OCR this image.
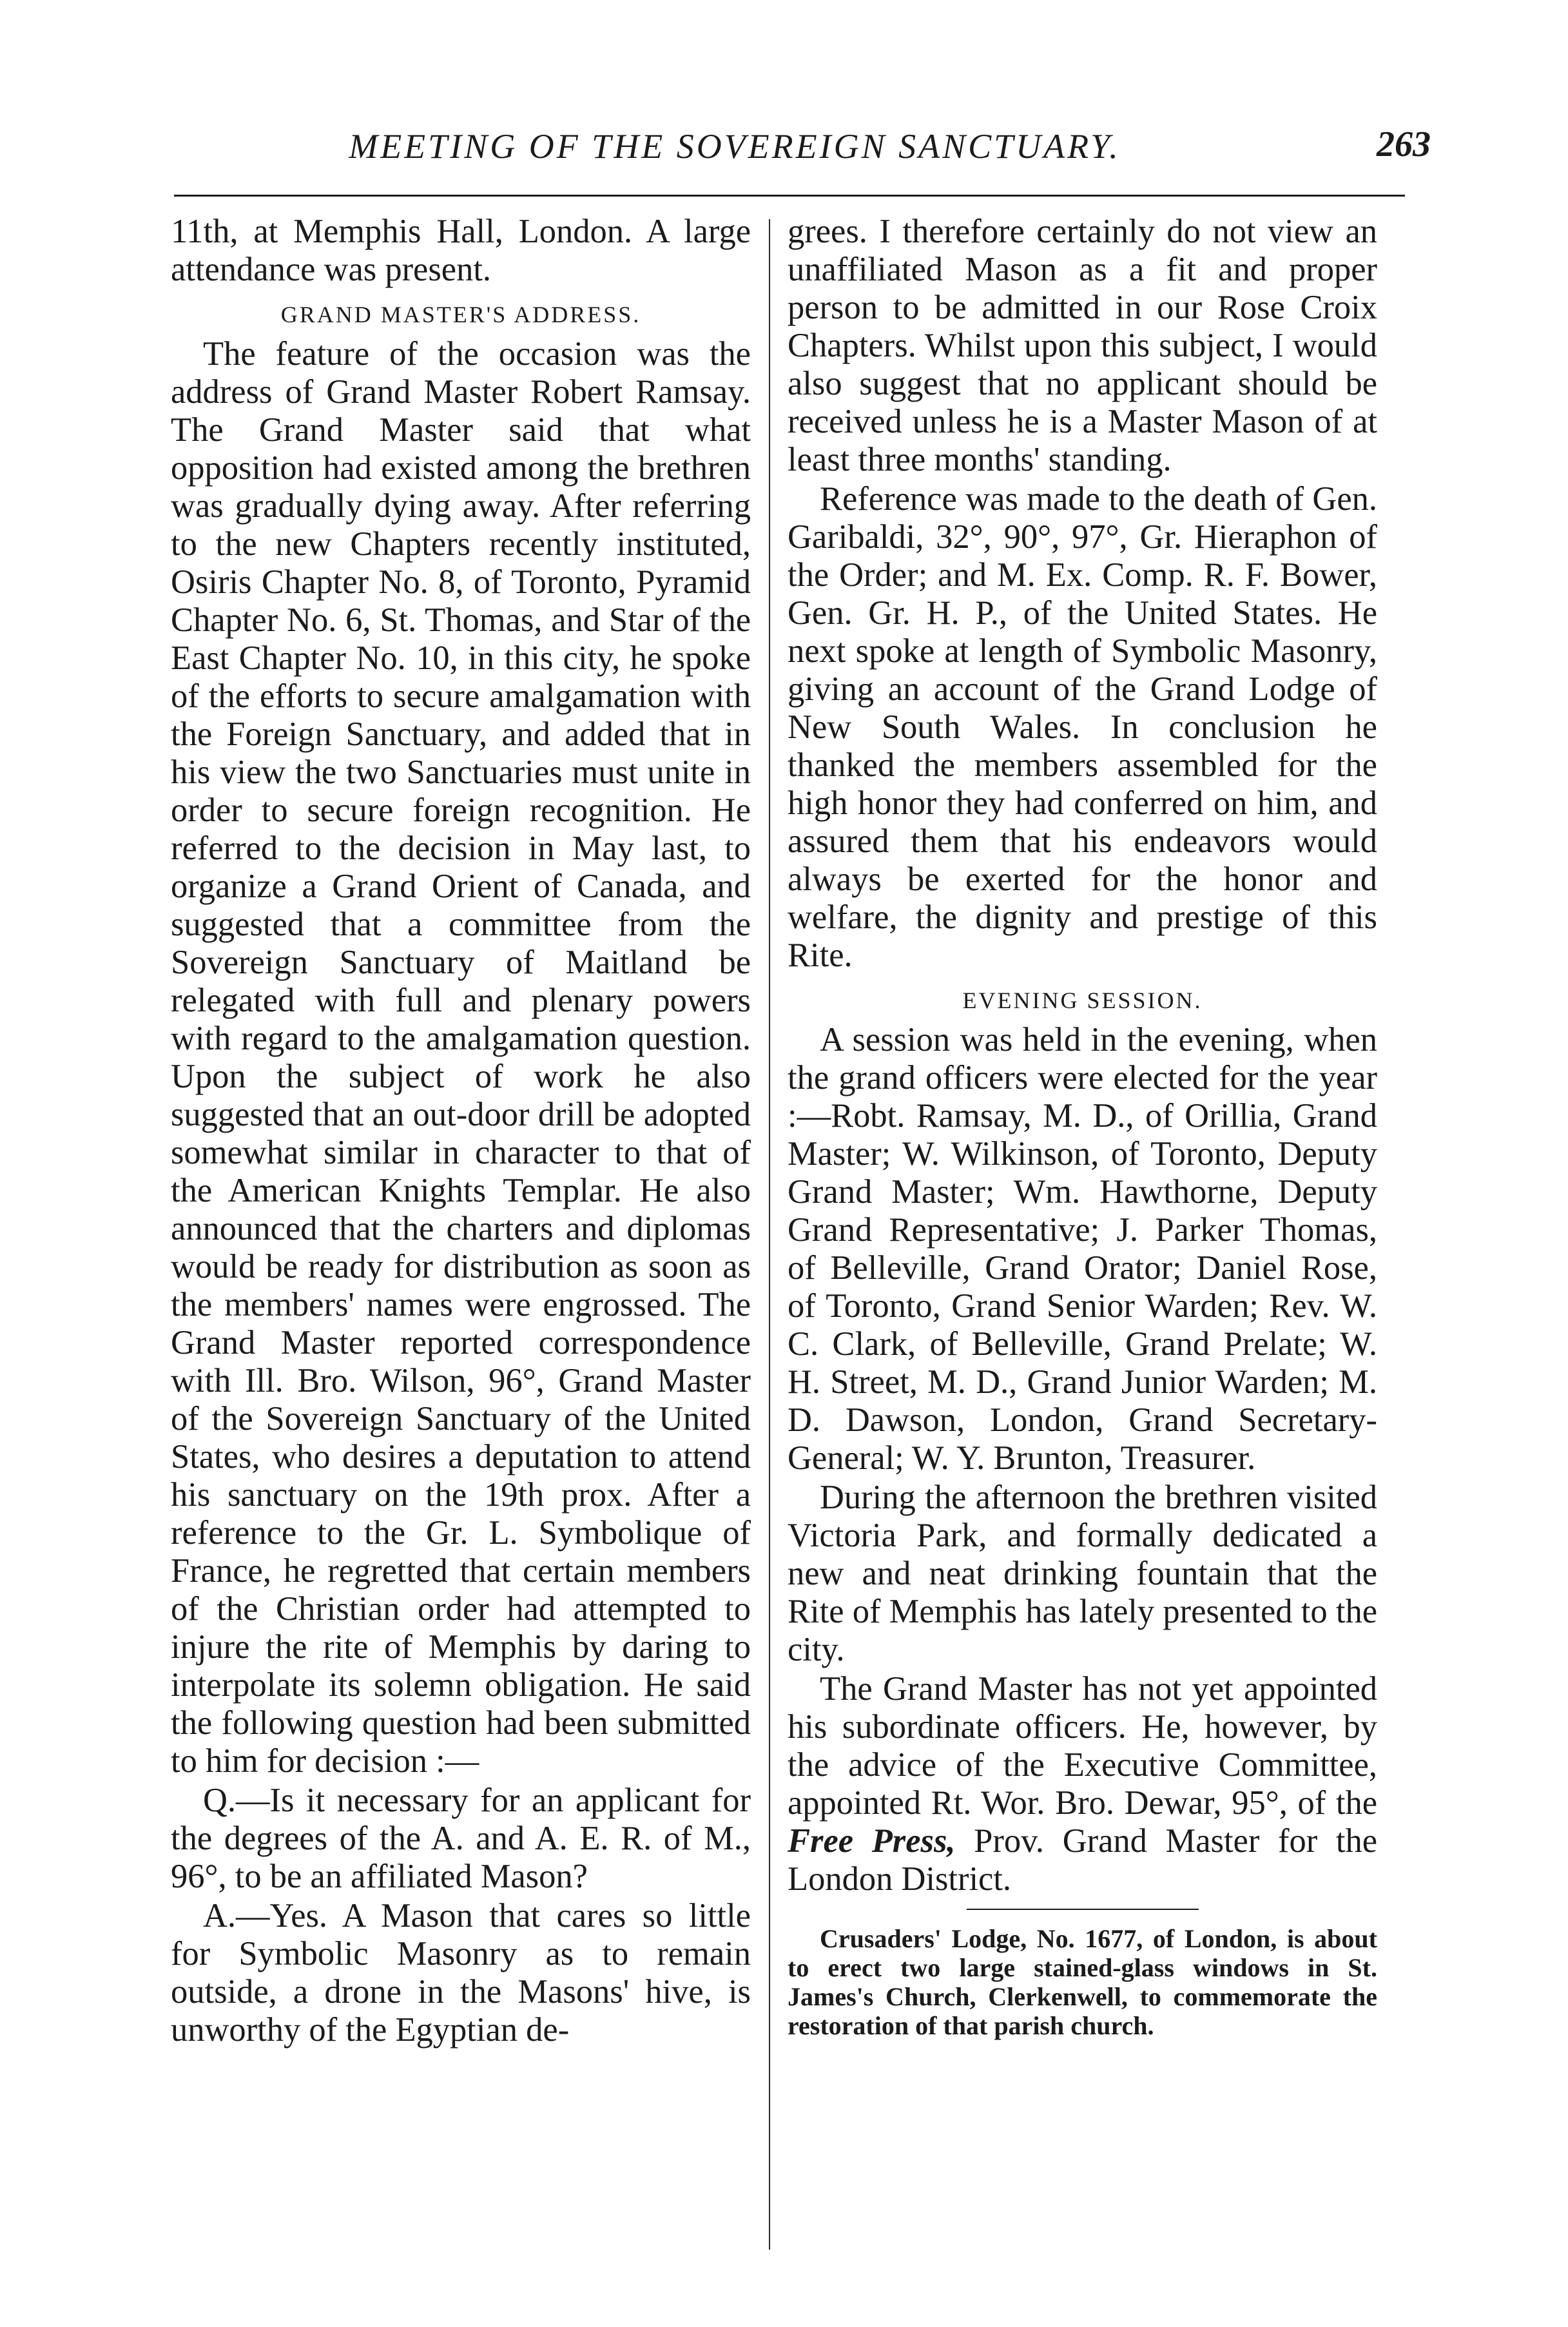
MEETING OF THE SOVEREIGN SANCTUARY.	263

11th, at Memphis Hall, London. A large attendance was present.

GRAND MASTER'S ADDRESS.

The feature of the occasion was the address of Grand Master Robert Ramsay. The Grand Master said that what opposition had existed among the brethren was gradually dying away. After referring to the new Chapters recently instituted, Osiris Chapter No. 8, of Toronto, Pyramid Chapter No. 6, St. Thomas, and Star of the East Chapter No. 10, in this city, he spoke of the efforts to secure amalgamation with the Foreign Sanctuary, and added that in his view the two Sanctuaries must unite in order to secure foreign recognition. He referred to the decision in May last, to organize a Grand Orient of Canada, and suggested that a committee from the Sovereign Sanctuary of Maitland be relegated with full and plenary powers with regard to the amalgamation question. Upon the subject of work he also suggested that an out-door drill be adopted somewhat similar in character to that of the American Knights Templar. He also announced that the charters and diplomas would be ready for distribution as soon as the members' names were engrossed. The Grand Master reported correspondence with Ill. Bro. Wilson, 96°, Grand Master of the Sovereign Sanctuary of the United States, who desires a deputation to attend his sanctuary on the 19th prox. After a reference to the Gr. L. Symbolique of France, he regretted that certain members of the Christian order had attempted to injure the rite of Memphis by daring to interpolate its solemn obligation. He said the following question had been submitted to him for decision :—

Q.—Is it necessary for an applicant for the degrees of the A. and A. E. R. of M., 96°, to be an affiliated Mason?

A.—Yes. A Mason that cares so little for Symbolic Masonry as to remain outside, a drone in the Masons' hive, is unworthy of the Egyptian de-

grees. I therefore certainly do not view an unaffiliated Mason as a fit and proper person to be admitted in our Rose Croix Chapters. Whilst upon this subject, I would also suggest that no applicant should be received unless he is a Master Mason of at least three months' standing.

Reference was made to the death of Gen. Garibaldi, 32°, 90°, 97°, Gr. Hieraphon of the Order; and M. Ex. Comp. R. F. Bower, Gen. Gr. H. P., of the United States. He next spoke at length of Symbolic Masonry, giving an account of the Grand Lodge of New South Wales. In conclusion he thanked the members assembled for the high honor they had conferred on him, and assured them that his endeavors would always be exerted for the honor and welfare, the dignity and prestige of this Rite.

EVENING SESSION.

A session was held in the evening, when the grand officers were elected for the year :—Robt. Ramsay, M. D., of Orillia, Grand Master; W. Wilkinson, of Toronto, Deputy Grand Master; Wm. Hawthorne, Deputy Grand Representative; J. Parker Thomas, of Belleville, Grand Orator; Daniel Rose, of Toronto, Grand Senior Warden; Rev. W. C. Clark, of Belleville, Grand Prelate; W. H. Street, M. D., Grand Junior Warden; M. D. Dawson, London, Grand Secretary-General; W. Y. Brunton, Treasurer.

During the afternoon the brethren visited Victoria Park, and formally dedicated a new and neat drinking fountain that the Rite of Memphis has lately presented to the city.

The Grand Master has not yet appointed his subordinate officers. He, however, by the advice of the Executive Committee, appointed Rt. Wor. Bro. Dewar, 95°, of the Free Press, Prov. Grand Master for the London District.

Crusaders' Lodge, No. 1677, of London, is about to erect two large stained-glass windows in St. James's Church, Clerkenwell, to commemorate the restoration of that parish church.
